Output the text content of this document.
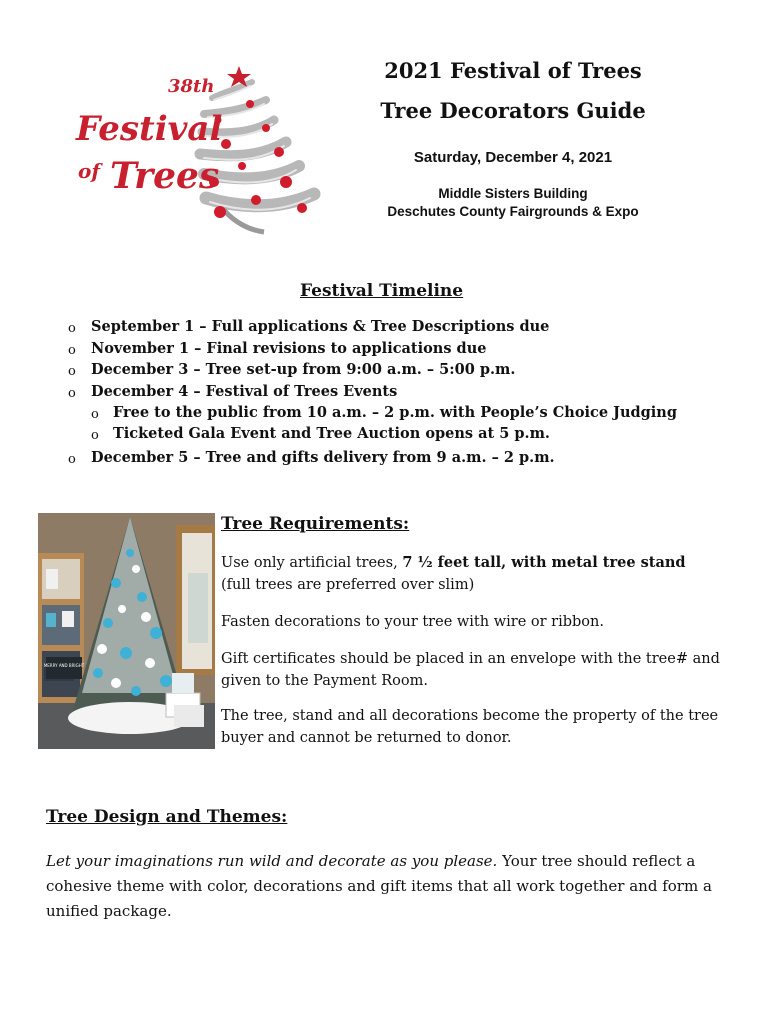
38th
Festival
of Trees
2021 Festival of Trees
Tree Decorators Guide
Saturday, December 4, 2021
Middle Sisters Building
Deschutes County Fairgrounds & Expo
Festival Timeline
o September 1 – Full applications & Tree Descriptions due
o November 1 – Final revisions to applications due
o December 3 – Tree set-up from 9:00 a.m. – 5:00 p.m.
o December 4 – Festival of Trees Events
o Free to the public from 10 a.m. – 2 p.m. with People’s Choice Judging
o Ticketed Gala Event and Tree Auction opens at 5 p.m.
o December 5 – Tree and gifts delivery from 9 a.m. – 2 p.m.
MERRY AND BRIGHT
Tree Requirements:
Use only artificial trees, 7 ½ feet tall, with metal tree stand
(full trees are preferred over slim)
Fasten decorations to your tree with wire or ribbon.
Gift certificates should be placed in an envelope with the tree# and given to the Payment Room.
The tree, stand and all decorations become the property of the tree buyer and cannot be returned to donor.
Tree Design and Themes:
Let your imaginations run wild and decorate as you please. Your tree should reflect a cohesive theme with color, decorations and gift items that all work together and form a unified package.
